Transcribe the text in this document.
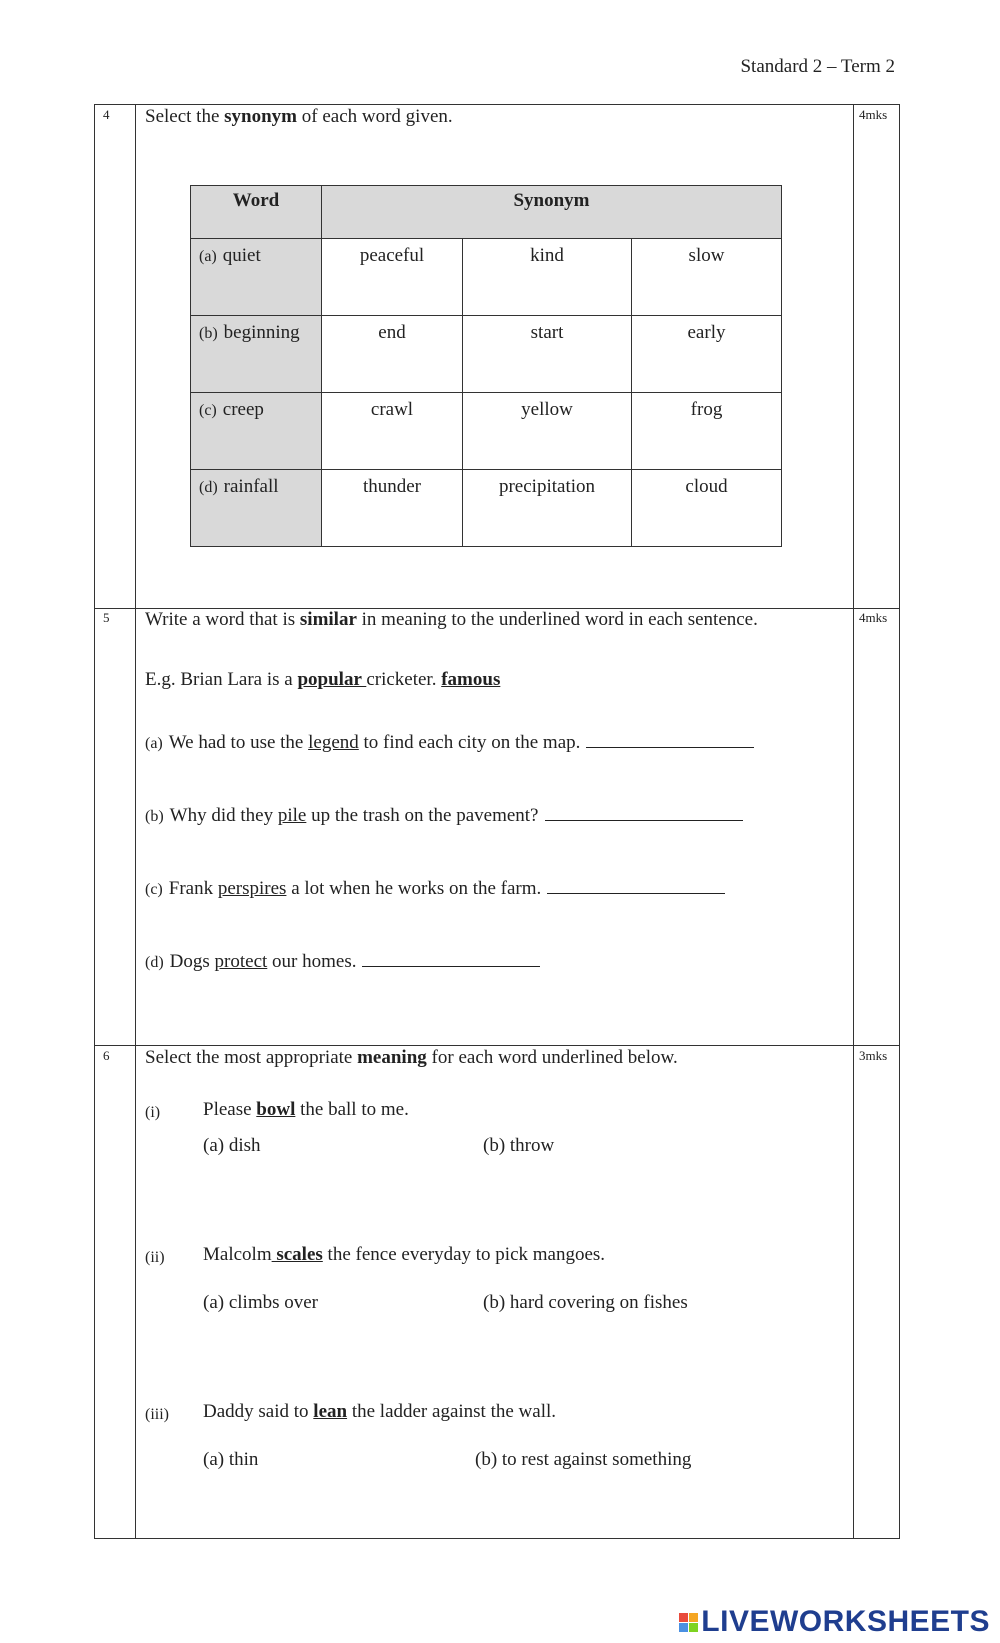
Standard 2 – Term 2
4	4mks
Select the synonym of each word given.
Word	Synonym		
(a) quiet	peaceful	kind	slow
(b) beginning	end	start	early
(c) creep	crawl	yellow	frog
(d) rainfall	thunder	precipitation	cloud
5	4mks
Write a word that is similar in meaning to the underlined word in each sentence.
E.g. Brian Lara is a popular cricketer. famous
(a) We had to use the legend to find each city on the map.
(b) Why did they pile up the trash on the pavement?
(c) Frank perspires a lot when he works on the farm.
(d) Dogs protect our homes.
6	3mks
Select the most appropriate meaning for each word underlined below.
(i)	Please bowl the ball to me.
(a) dish	(b) throw
(ii)	Malcolm scales the fence everyday to pick mangoes.
(a) climbs over	(b) hard covering on fishes
(iii)	Daddy said to lean the ladder against the wall.
(a) thin	(b) to rest against something
LIVEWORKSHEETS
